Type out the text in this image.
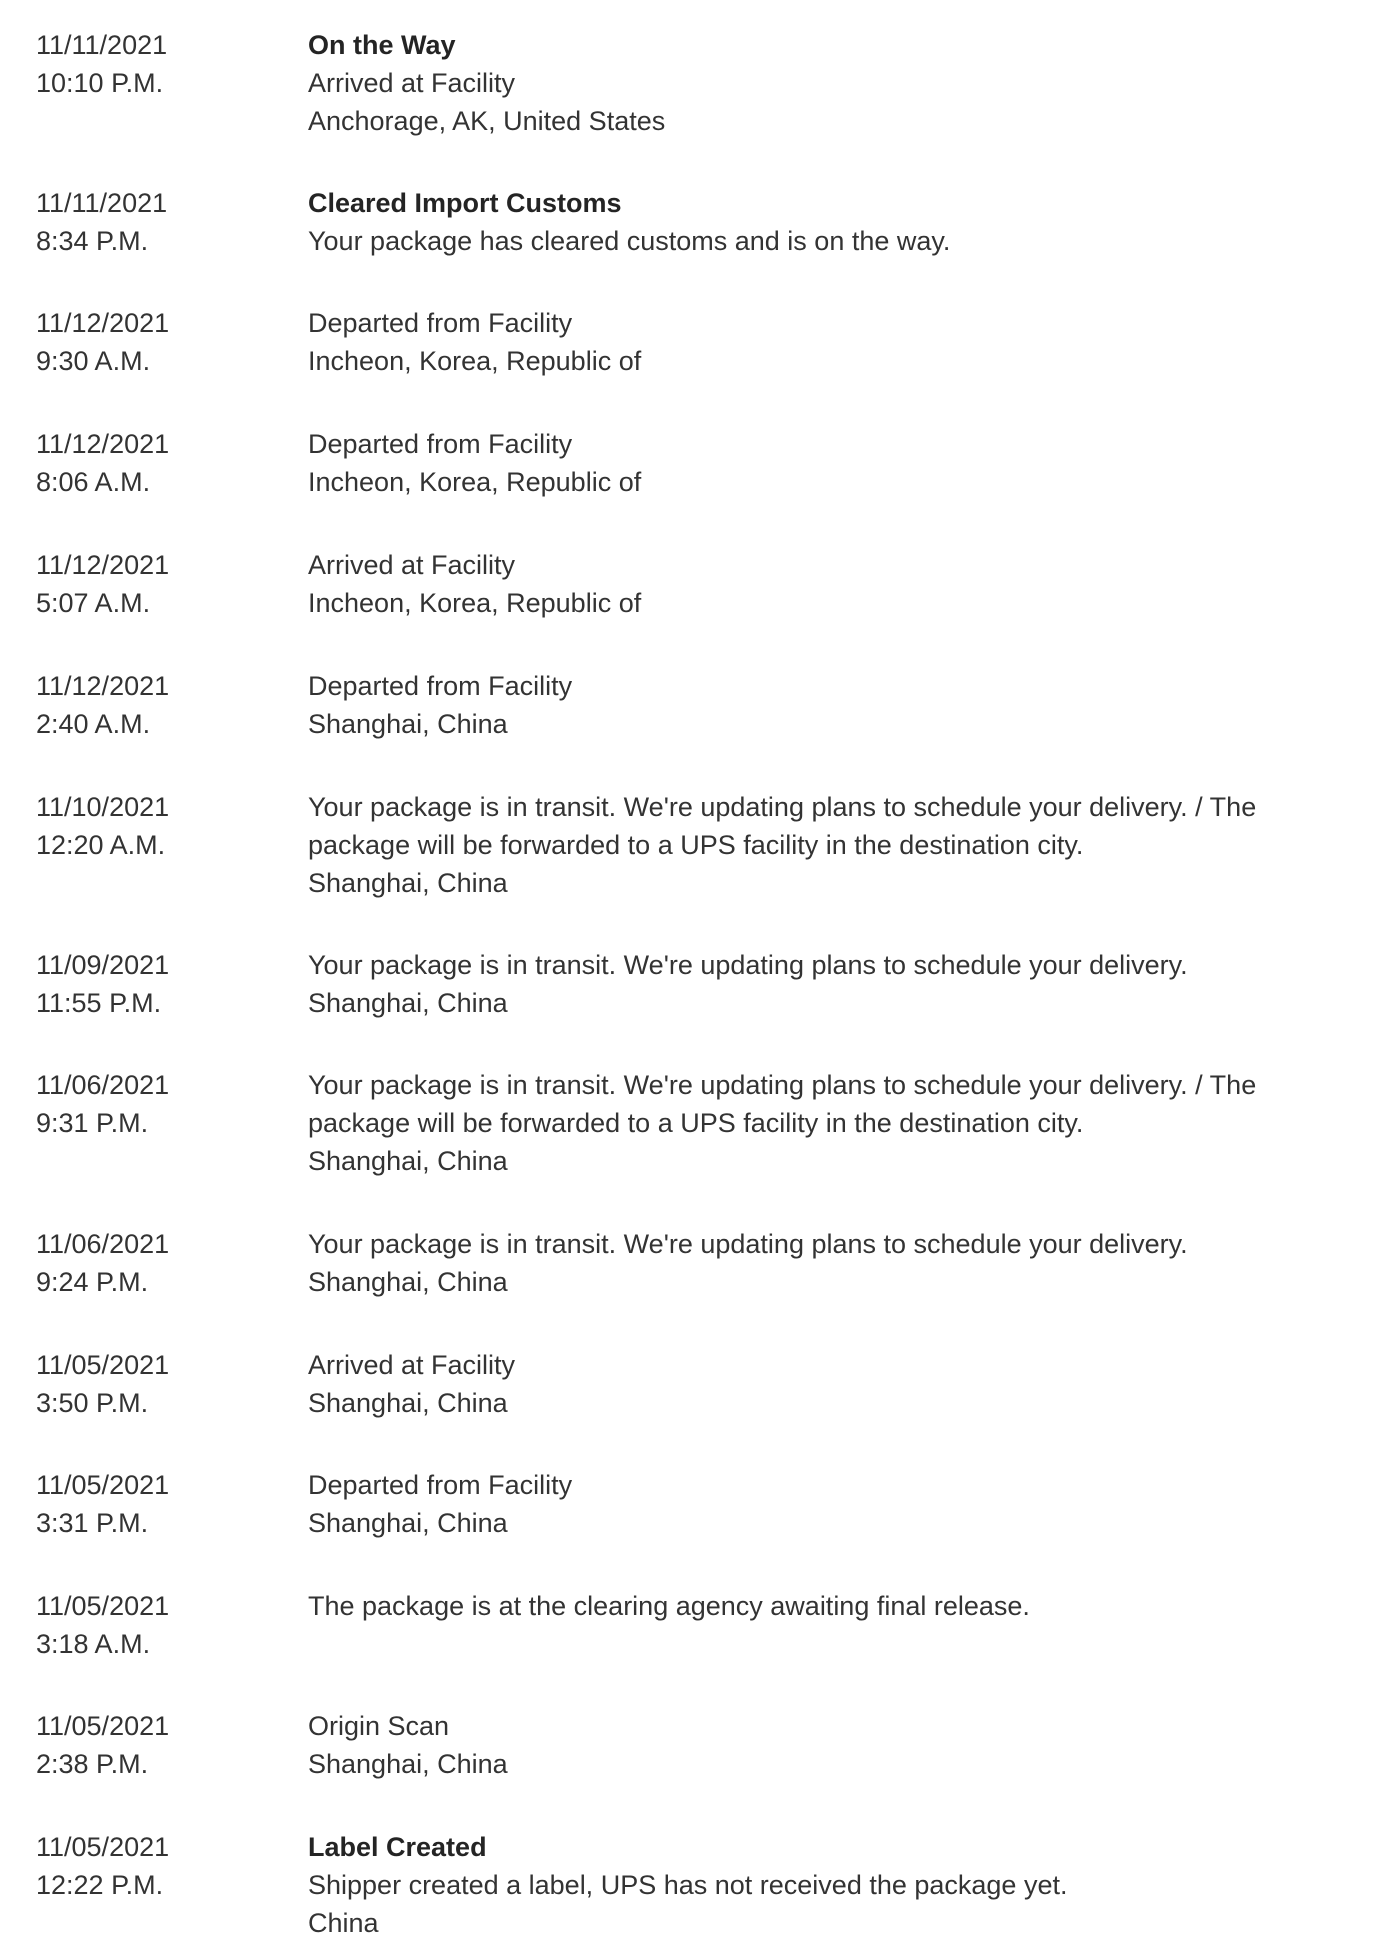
11/11/2021
10:10 P.M.
On the Way
Arrived at Facility
Anchorage, AK, United States
11/11/2021
8:34 P.M.
Cleared Import Customs
Your package has cleared customs and is on the way.
11/12/2021
9:30 A.M.
Departed from Facility
Incheon, Korea, Republic of
11/12/2021
8:06 A.M.
Departed from Facility
Incheon, Korea, Republic of
11/12/2021
5:07 A.M.
Arrived at Facility
Incheon, Korea, Republic of
11/12/2021
2:40 A.M.
Departed from Facility
Shanghai, China
11/10/2021
12:20 A.M.
Your package is in transit. We're updating plans to schedule your delivery. / The package will be forwarded to a UPS facility in the destination city.
Shanghai, China
11/09/2021
11:55 P.M.
Your package is in transit. We're updating plans to schedule your delivery.
Shanghai, China
11/06/2021
9:31 P.M.
Your package is in transit. We're updating plans to schedule your delivery. / The package will be forwarded to a UPS facility in the destination city.
Shanghai, China
11/06/2021
9:24 P.M.
Your package is in transit. We're updating plans to schedule your delivery.
Shanghai, China
11/05/2021
3:50 P.M.
Arrived at Facility
Shanghai, China
11/05/2021
3:31 P.M.
Departed from Facility
Shanghai, China
11/05/2021
3:18 A.M.
The package is at the clearing agency awaiting final release.
11/05/2021
2:38 P.M.
Origin Scan
Shanghai, China
11/05/2021
12:22 P.M.
Label Created
Shipper created a label, UPS has not received the package yet.
China
